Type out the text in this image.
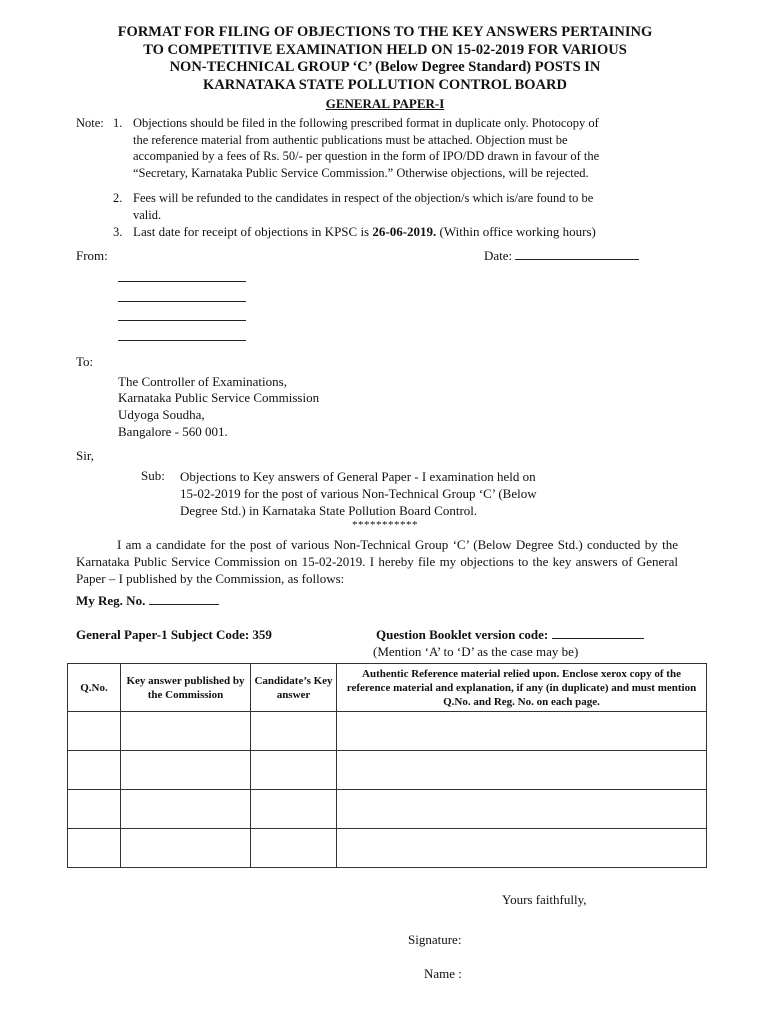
FORMAT FOR FILING OF OBJECTIONS TO THE KEY ANSWERS PERTAINING
TO COMPETITIVE EXAMINATION HELD ON 15-02-2019 FOR VARIOUS
NON-TECHNICAL GROUP ‘C’ (Below Degree Standard) POSTS IN
KARNATAKA STATE POLLUTION CONTROL BOARD
GENERAL PAPER-I
Note: 1. Objections should be filed in the following prescribed format in duplicate only. Photocopy of
the reference material from authentic publications must be attached. Objection must be
accompanied by a fees of Rs. 50/- per question in the form of IPO/DD drawn in favour of the
“Secretary, Karnataka Public Service Commission.” Otherwise objections, will be rejected.
2. Fees will be refunded to the candidates in respect of the objection/s which is/are found to be
valid.
3. Last date for receipt of objections in KPSC is 26-06-2019. (Within office working hours)
From:	Date:
To:
The Controller of Examinations,
Karnataka Public Service Commission
Udyoga Soudha,
Bangalore - 560 001.
Sir,
Sub: Objections to Key answers of General Paper - I examination held on
15-02-2019 for the post of various Non-Technical Group ‘C’ (Below
Degree Std.) in Karnataka State Pollution Board Control.
***********
I am a candidate for the post of various Non-Technical Group ‘C’ (Below Degree Std.) conducted by the Karnataka Public Service Commission on 15-02-2019. I hereby file my objections to the key answers of General Paper – I published by the Commission, as follows:
My Reg. No.
General Paper-1 Subject Code: 359	Question Booklet version code:
(Mention ‘A’ to ‘D’ as the case may be)
Q.No.	Key answer published by the Commission	Candidate’s Key answer	Authentic Reference material relied upon. Enclose xerox copy of the reference material and explanation, if any (in duplicate) and must mention Q.No. and Reg. No. on each page.

Yours faithfully,
Signature:
Name :
